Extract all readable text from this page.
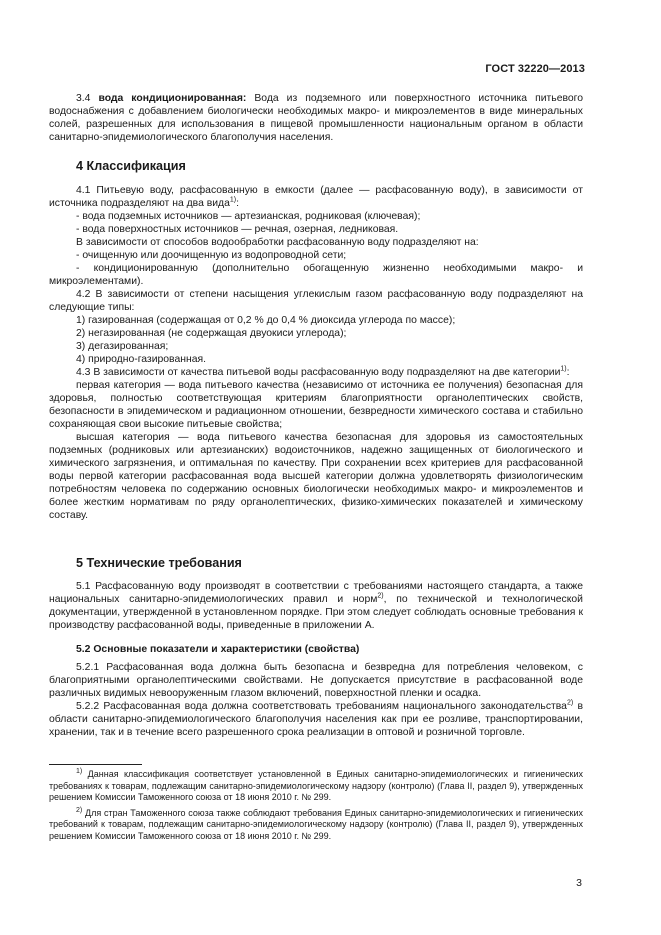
ГОСТ 32220—2013

3.4 вода кондиционированная: Вода из подземного или поверхностного источника питьевого водоснабжения с добавлением биологически необходимых макро- и микроэлементов в виде минеральных солей, разрешенных для использования в пищевой промышленности национальным органом в области санитарно-эпидемиологического благополучия населения.

4 Классификация

4.1 Питьевую воду, расфасованную в емкости (далее — расфасованную воду), в зависимости от источника подразделяют на два вида$^{1)}$:

- вода подземных источников — артезианская, родниковая (ключевая);

- вода поверхностных источников — речная, озерная, ледниковая.

В зависимости от способов водообработки расфасованную воду подразделяют на:

- очищенную или доочищенную из водопроводной сети;

- кондиционированную (дополнительно обогащенную жизненно необходимыми макро- и микроэлементами).

4.2 В зависимости от степени насыщения углекислым газом расфасованную воду подразделяют на следующие типы:

1) газированная (содержащая от 0,2 % до 0,4 % диоксида углерода по массе);

2) негазированная (не содержащая двуокиси углерода);

3) дегазированная;

4) природно-газированная.

4.3 В зависимости от качества питьевой воды расфасованную воду подразделяют на две категории$^{1)}$:

первая категория — вода питьевого качества (независимо от источника ее получения) безопасная для здоровья, полностью соответствующая критериям благоприятности органолептических свойств, безопасности в эпидемическом и радиационном отношении, безвредности химического состава и стабильно сохраняющая свои высокие питьевые свойства;

высшая категория — вода питьевого качества безопасная для здоровья из самостоятельных подземных (родниковых или артезианских) водоисточников, надежно защищенных от биологического и химического загрязнения, и оптимальная по качеству. При сохранении всех критериев для расфасованной воды первой категории расфасованная вода высшей категории должна удовлетворять физиологическим потребностям человека по содержанию основных биологически необходимых макро- и микроэлементов и более жестким нормативам по ряду органолептических, физико-химических показателей и химическому составу.

5 Технические требования

5.1 Расфасованную воду производят в соответствии с требованиями настоящего стандарта, а также национальных санитарно-эпидемиологических правил и норм$^{2)}$, по технической и технологической документации, утвержденной в установленном порядке. При этом следует соблюдать основные требования к производству расфасованной воды, приведенные в приложении А.

5.2 Основные показатели и характеристики (свойства)

5.2.1 Расфасованная вода должна быть безопасна и безвредна для потребления человеком, с благоприятными органолептическими свойствами. Не допускается присутствие в расфасованной воде различных видимых невооруженным глазом включений, поверхностной пленки и осадка.

5.2.2 Расфасованная вода должна соответствовать требованиям национального законодательства$^{2)}$ в области санитарно-эпидемиологического благополучия населения как при ее розливе, транспортировании, хранении, так и в течение всего разрешенного срока реализации в оптовой и розничной торговле.

$^{1)}$ Данная классификация соответствует установленной в Единых санитарно-эпидемиологических и гигиенических требованиях к товарам, подлежащим санитарно-эпидемиологическому надзору (контролю) (Глава II, раздел 9), утвержденных решением Комиссии Таможенного союза от 18 июня 2010 г. № 299.

$^{2)}$ Для стран Таможенного союза также соблюдают требования Единых санитарно-эпидемиологических и гигиенических требований к товарам, подлежащим санитарно-эпидемиологическому надзору (контролю) (Глава II, раздел 9), утвержденных решением Комиссии Таможенного союза от 18 июня 2010 г. № 299.

3
